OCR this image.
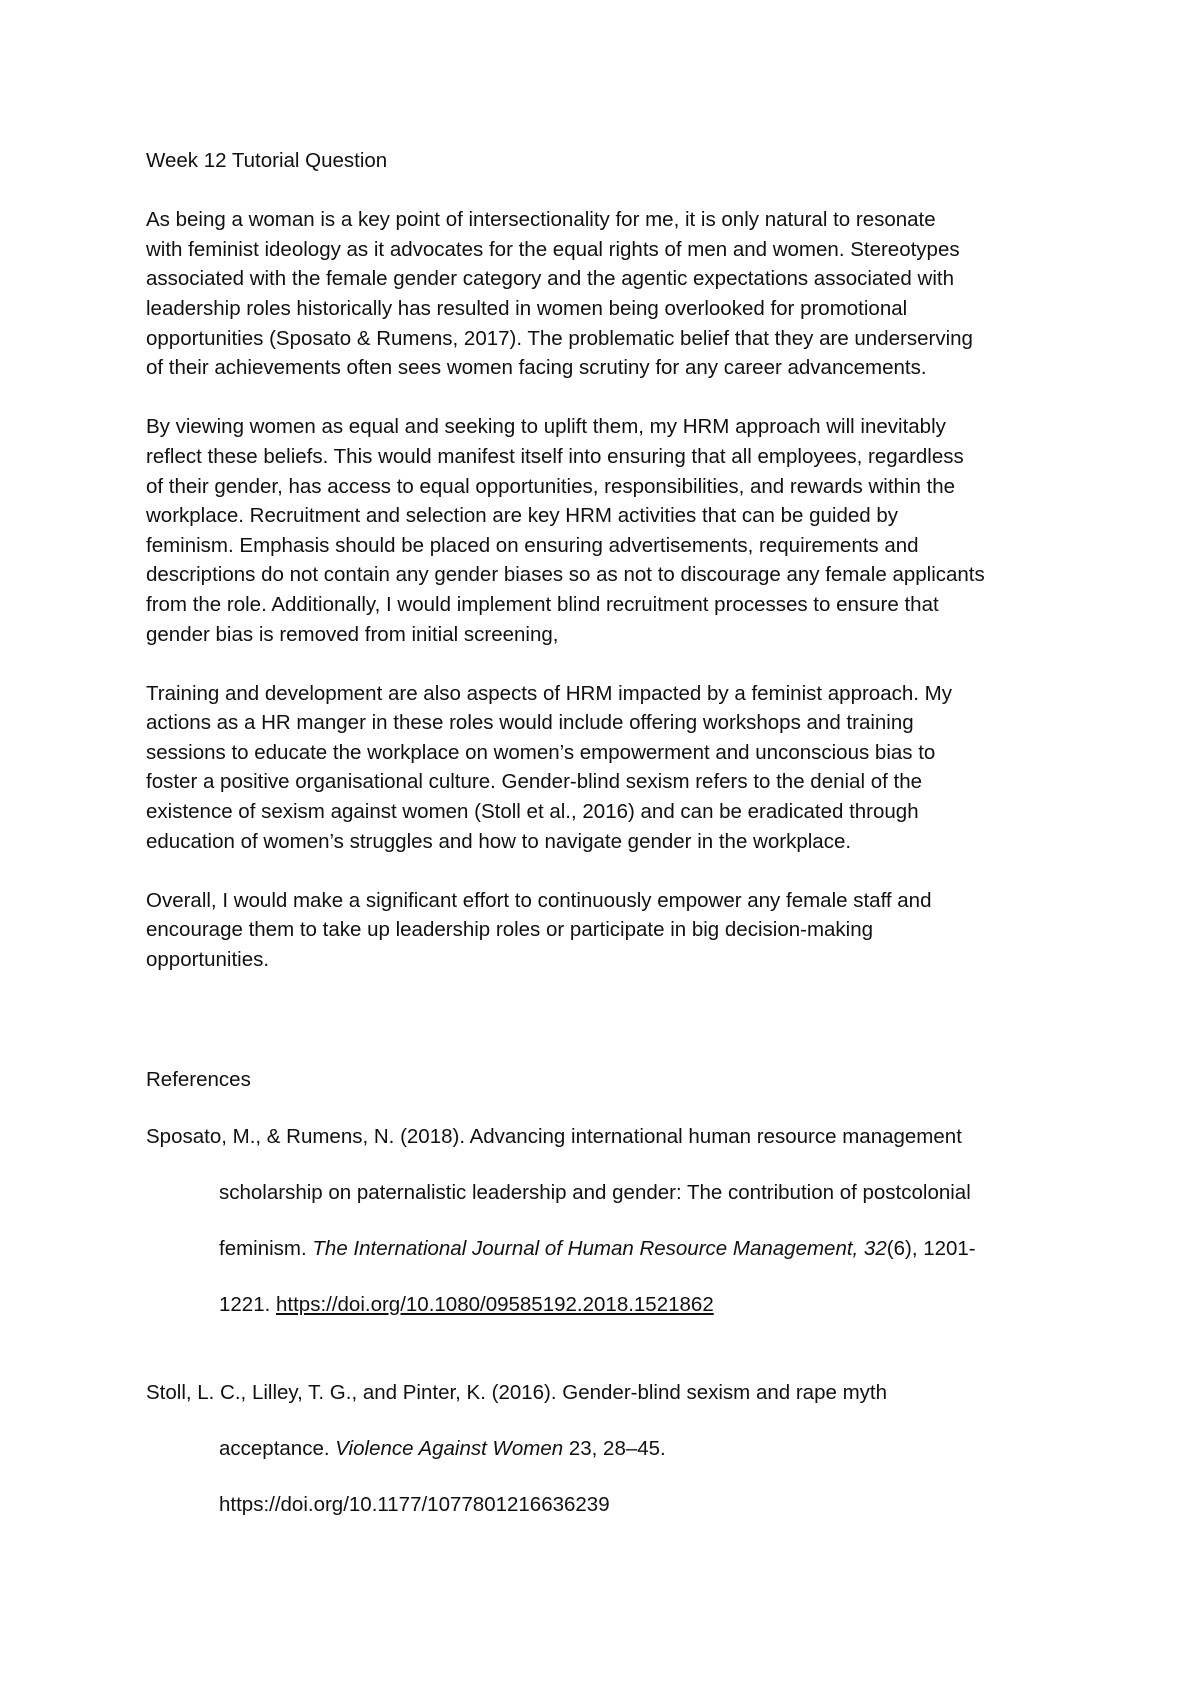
Week 12 Tutorial Question
As being a woman is a key point of intersectionality for me, it is only natural to resonate
with feminist ideology as it advocates for the equal rights of men and women. Stereotypes
associated with the female gender category and the agentic expectations associated with
leadership roles historically has resulted in women being overlooked for promotional
opportunities (Sposato & Rumens, 2017). The problematic belief that they are underserving
of their achievements often sees women facing scrutiny for any career advancements.
By viewing women as equal and seeking to uplift them, my HRM approach will inevitably
reflect these beliefs. This would manifest itself into ensuring that all employees, regardless
of their gender, has access to equal opportunities, responsibilities, and rewards within the
workplace. Recruitment and selection are key HRM activities that can be guided by
feminism. Emphasis should be placed on ensuring advertisements, requirements and
descriptions do not contain any gender biases so as not to discourage any female applicants
from the role. Additionally, I would implement blind recruitment processes to ensure that
gender bias is removed from initial screening,
Training and development are also aspects of HRM impacted by a feminist approach. My
actions as a HR manger in these roles would include offering workshops and training
sessions to educate the workplace on women’s empowerment and unconscious bias to
foster a positive organisational culture. Gender-blind sexism refers to the denial of the
existence of sexism against women (Stoll et al., 2016) and can be eradicated through
education of women’s struggles and how to navigate gender in the workplace.
Overall, I would make a significant effort to continuously empower any female staff and
encourage them to take up leadership roles or participate in big decision-making
opportunities.
References
Sposato, M., & Rumens, N. (2018). Advancing international human resource management
scholarship on paternalistic leadership and gender: The contribution of postcolonial
feminism. The International Journal of Human Resource Management, 32(6), 1201-
1221. https://doi.org/10.1080/09585192.2018.1521862
Stoll, L. C., Lilley, T. G., and Pinter, K. (2016). Gender-blind sexism and rape myth
acceptance. Violence Against Women 23, 28–45.
https://doi.org/10.1177/1077801216636239
